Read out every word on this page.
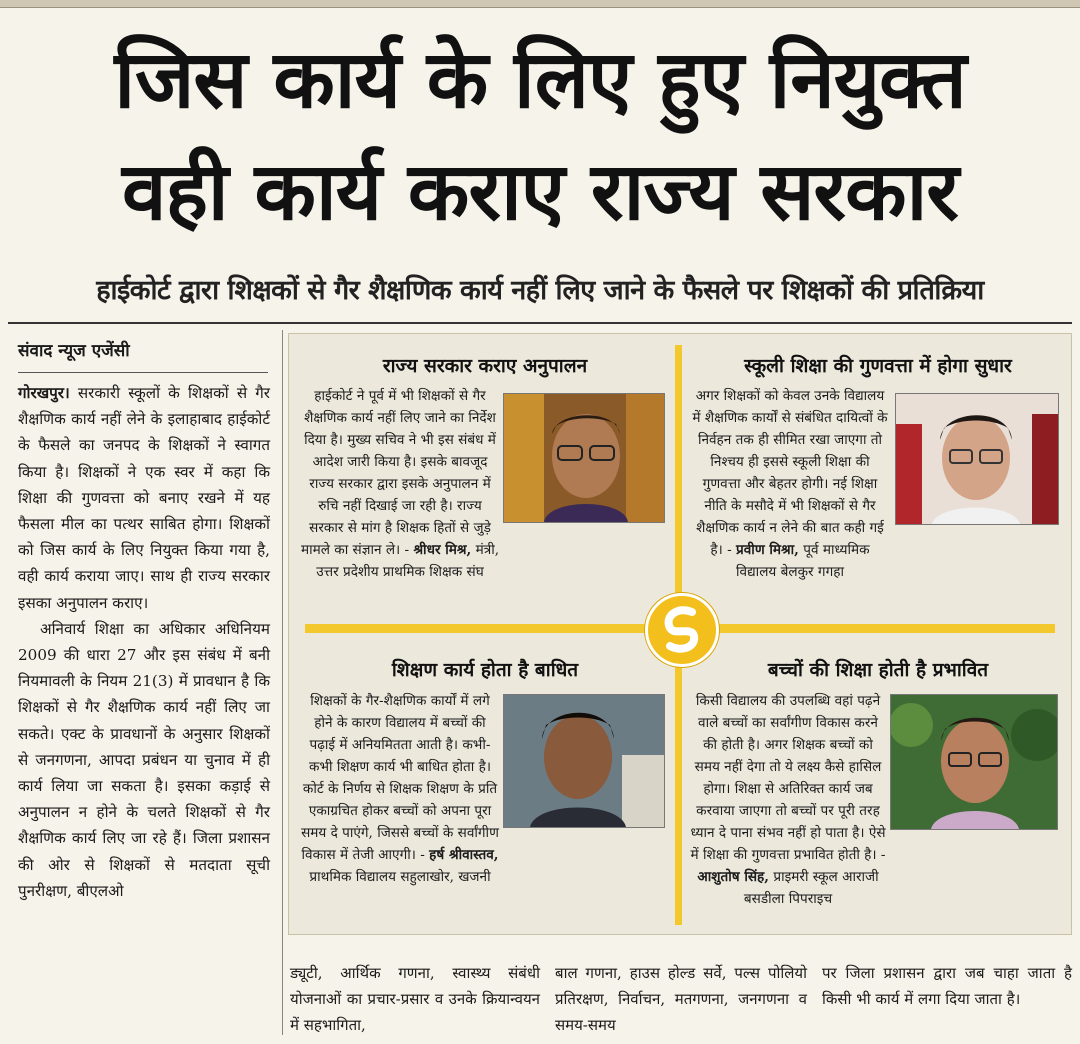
जिस कार्य के लिए हुए नियुक्त
वही कार्य कराए राज्य सरकार
हाईकोर्ट द्वारा शिक्षकों से गैर शैक्षणिक कार्य नहीं लिए जाने के फैसले पर शिक्षकों की प्रतिक्रिया
संवाद न्यूज एजेंसी

गोरखपुर। सरकारी स्कूलों के शिक्षकों से गैर शैक्षणिक कार्य नहीं लेने के इलाहाबाद हाईकोर्ट के फैसले का जनपद के शिक्षकों ने स्वागत किया है। शिक्षकों ने एक स्वर में कहा कि शिक्षा की गुणवत्ता को बनाए रखने में यह फैसला मील का पत्थर साबित होगा। शिक्षकों को जिस कार्य के लिए नियुक्त किया गया है, वही कार्य कराया जाए। साथ ही राज्य सरकार इसका अनुपालन कराए।

अनिवार्य शिक्षा का अधिकार अधिनियम 2009 की धारा 27 और इस संबंध में बनी नियमावली के नियम 21(3) में प्रावधान है कि शिक्षकों से गैर शैक्षणिक कार्य नहीं लिए जा सकते। एक्ट के प्रावधानों के अनुसार शिक्षकों से जनगणना, आपदा प्रबंधन या चुनाव में ही कार्य लिया जा सकता है। इसका कड़ाई से अनुपालन न होने के चलते शिक्षकों से गैर शैक्षणिक कार्य लिए जा रहे हैं। जिला प्रशासन की ओर से शिक्षकों से मतदाता सूची पुनरीक्षण, बीएलओ

राज्य सरकार कराए अनुपालन
हाईकोर्ट ने पूर्व में भी शिक्षकों से गैर शैक्षणिक कार्य नहीं लिए जाने का निर्देश दिया है। मुख्य सचिव ने भी इस संबंध में आदेश जारी किया है। इसके बावजूद राज्य सरकार द्वारा इसके अनुपालन में रुचि नहीं दिखाई जा रही है। राज्य सरकार से मांग है शिक्षक हितों से जुड़े मामले का संज्ञान ले। - श्रीधर मिश्र, मंत्री, उत्तर प्रदेशीय प्राथमिक शिक्षक संघ
स्कूली शिक्षा की गुणवत्ता में होगा सुधार
अगर शिक्षकों को केवल उनके विद्यालय में शैक्षणिक कार्यों से संबंधित दायित्वों के निर्वहन तक ही सीमित रखा जाएगा तो निश्चय ही इससे स्कूली शिक्षा की गुणवत्ता और बेहतर होगी। नई शिक्षा नीति के मसौदे में भी शिक्षकों से गैर शैक्षणिक कार्य न लेने की बात कही गई है। - प्रवीण मिश्रा, पूर्व माध्यमिक विद्यालय बेलकुर गगहा
शिक्षण कार्य होता है बाधित
शिक्षकों के गैर-शैक्षणिक कार्यों में लगे होने के कारण विद्यालय में बच्चों की पढ़ाई में अनियमितता आती है। कभी-कभी शिक्षण कार्य भी बाधित होता है। कोर्ट के निर्णय से शिक्षक शिक्षण के प्रति एकाग्रचित होकर बच्चों को अपना पूरा समय दे पाएंगे, जिससे बच्चों के सर्वांगीण विकास में तेजी आएगी। - हर्ष श्रीवास्तव, प्राथमिक विद्यालय सहुलाखोर, खजनी
बच्चों की शिक्षा होती है प्रभावित
किसी विद्यालय की उपलब्धि वहां पढ़ने वाले बच्चों का सर्वांगीण विकास करने की होती है। अगर शिक्षक बच्चों को समय नहीं देगा तो ये लक्ष्य कैसे हासिल होगा। शिक्षा से अतिरिक्त कार्य जब करवाया जाएगा तो बच्चों पर पूरी तरह ध्यान दे पाना संभव नहीं हो पाता है। ऐसे में शिक्षा की गुणवत्ता प्रभावित होती है। - आशुतोष सिंह, प्राइमरी स्कूल आराजी बसडीला पिपराइच
ड्यूटी, आर्थिक गणना, स्वास्थ्य संबंधी योजनाओं का प्रचार-प्रसार व उनके क्रियान्वयन में सहभागिता,
बाल गणना, हाउस होल्ड सर्वे, पल्स पोलियो प्रतिरक्षण, निर्वाचन, मतगणना, जनगणना व समय-समय
पर जिला प्रशासन द्वारा जब चाहा जाता है किसी भी कार्य में लगा दिया जाता है।
